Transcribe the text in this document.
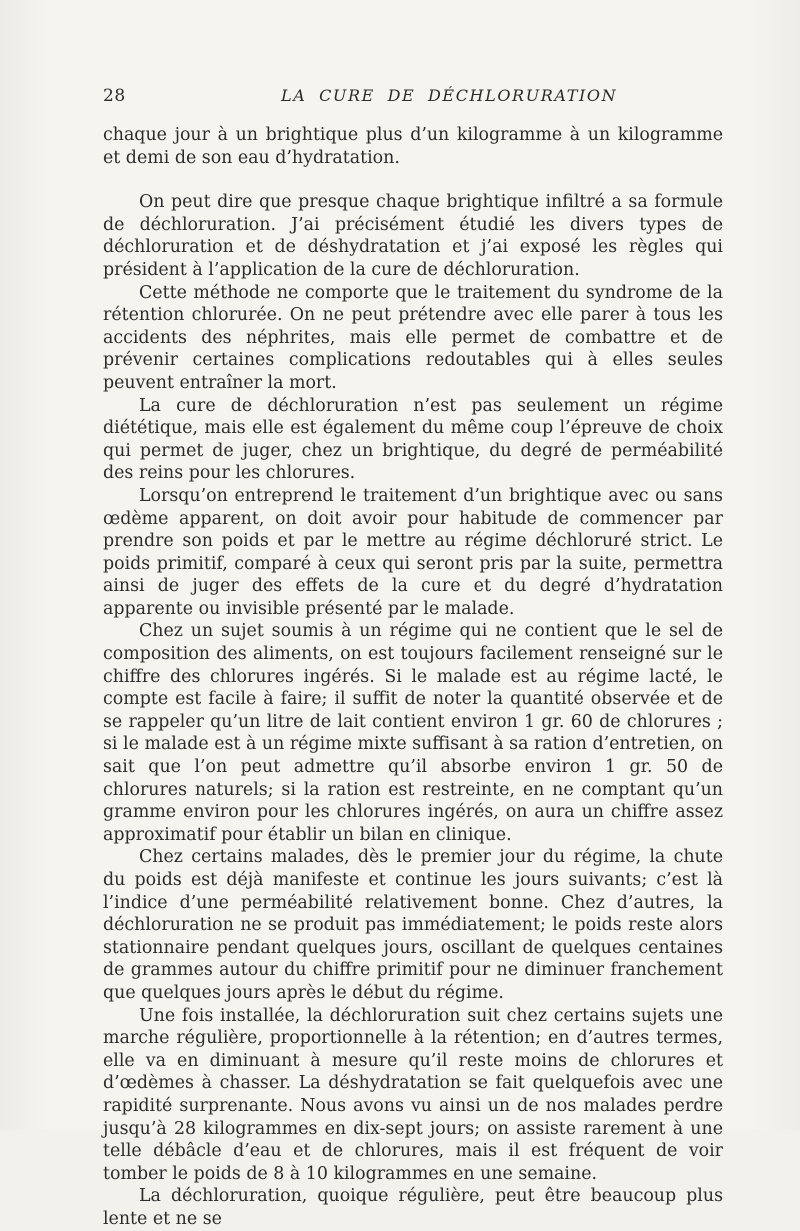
28	LA CURE DE DÉCHLORURATION

chaque jour à un brightique plus d’un kilogramme à un kilogramme et demi de son eau d’hydratation.

On peut dire que presque chaque brightique infiltré a sa formule de déchloruration. J’ai précisément étudié les divers types de déchloruration et de déshydratation et j’ai exposé les règles qui président à l’application de la cure de déchloruration.

Cette méthode ne comporte que le traitement du syndrome de la rétention chlorurée. On ne peut prétendre avec elle parer à tous les accidents des néphrites, mais elle permet de combattre et de prévenir certaines complications redoutables qui à elles seules peuvent entraîner la mort.

La cure de déchloruration n’est pas seulement un régime diététique, mais elle est également du même coup l’épreuve de choix qui permet de juger, chez un brightique, du degré de perméabilité des reins pour les chlorures.

Lorsqu’on entreprend le traitement d’un brightique avec ou sans œdème apparent, on doit avoir pour habitude de commencer par prendre son poids et par le mettre au régime déchloruré strict. Le poids primitif, comparé à ceux qui seront pris par la suite, permettra ainsi de juger des effets de la cure et du degré d’hydratation apparente ou invisible présenté par le malade.

Chez un sujet soumis à un régime qui ne contient que le sel de composition des aliments, on est toujours facilement renseigné sur le chiffre des chlorures ingérés. Si le malade est au régime lacté, le compte est facile à faire; il suffit de noter la quantité observée et de se rappeler qu’un litre de lait contient environ 1 gr. 60 de chlorures ; si le malade est à un régime mixte suffisant à sa ration d’entretien, on sait que l’on peut admettre qu’il absorbe environ 1 gr. 50 de chlorures naturels; si la ration est restreinte, en ne comptant qu’un gramme environ pour les chlorures ingérés, on aura un chiffre assez approximatif pour établir un bilan en clinique.

Chez certains malades, dès le premier jour du régime, la chute du poids est déjà manifeste et continue les jours suivants; c’est là l’indice d’une perméabilité relativement bonne. Chez d’autres, la déchloruration ne se produit pas immédiatement; le poids reste alors stationnaire pendant quelques jours, oscillant de quelques centaines de grammes autour du chiffre primitif pour ne diminuer franchement que quelques jours après le début du régime.

Une fois installée, la déchloruration suit chez certains sujets une marche régulière, proportionnelle à la rétention; en d’autres termes, elle va en diminuant à mesure qu’il reste moins de chlorures et d’œdèmes à chasser. La déshydratation se fait quelquefois avec une rapidité surprenante. Nous avons vu ainsi un de nos malades perdre jusqu’à 28 kilogrammes en dix-sept jours; on assiste rarement à une telle débâcle d’eau et de chlorures, mais il est fréquent de voir tomber le poids de 8 à 10 kilogrammes en une semaine.

La déchloruration, quoique régulière, peut être beaucoup plus lente et ne se
